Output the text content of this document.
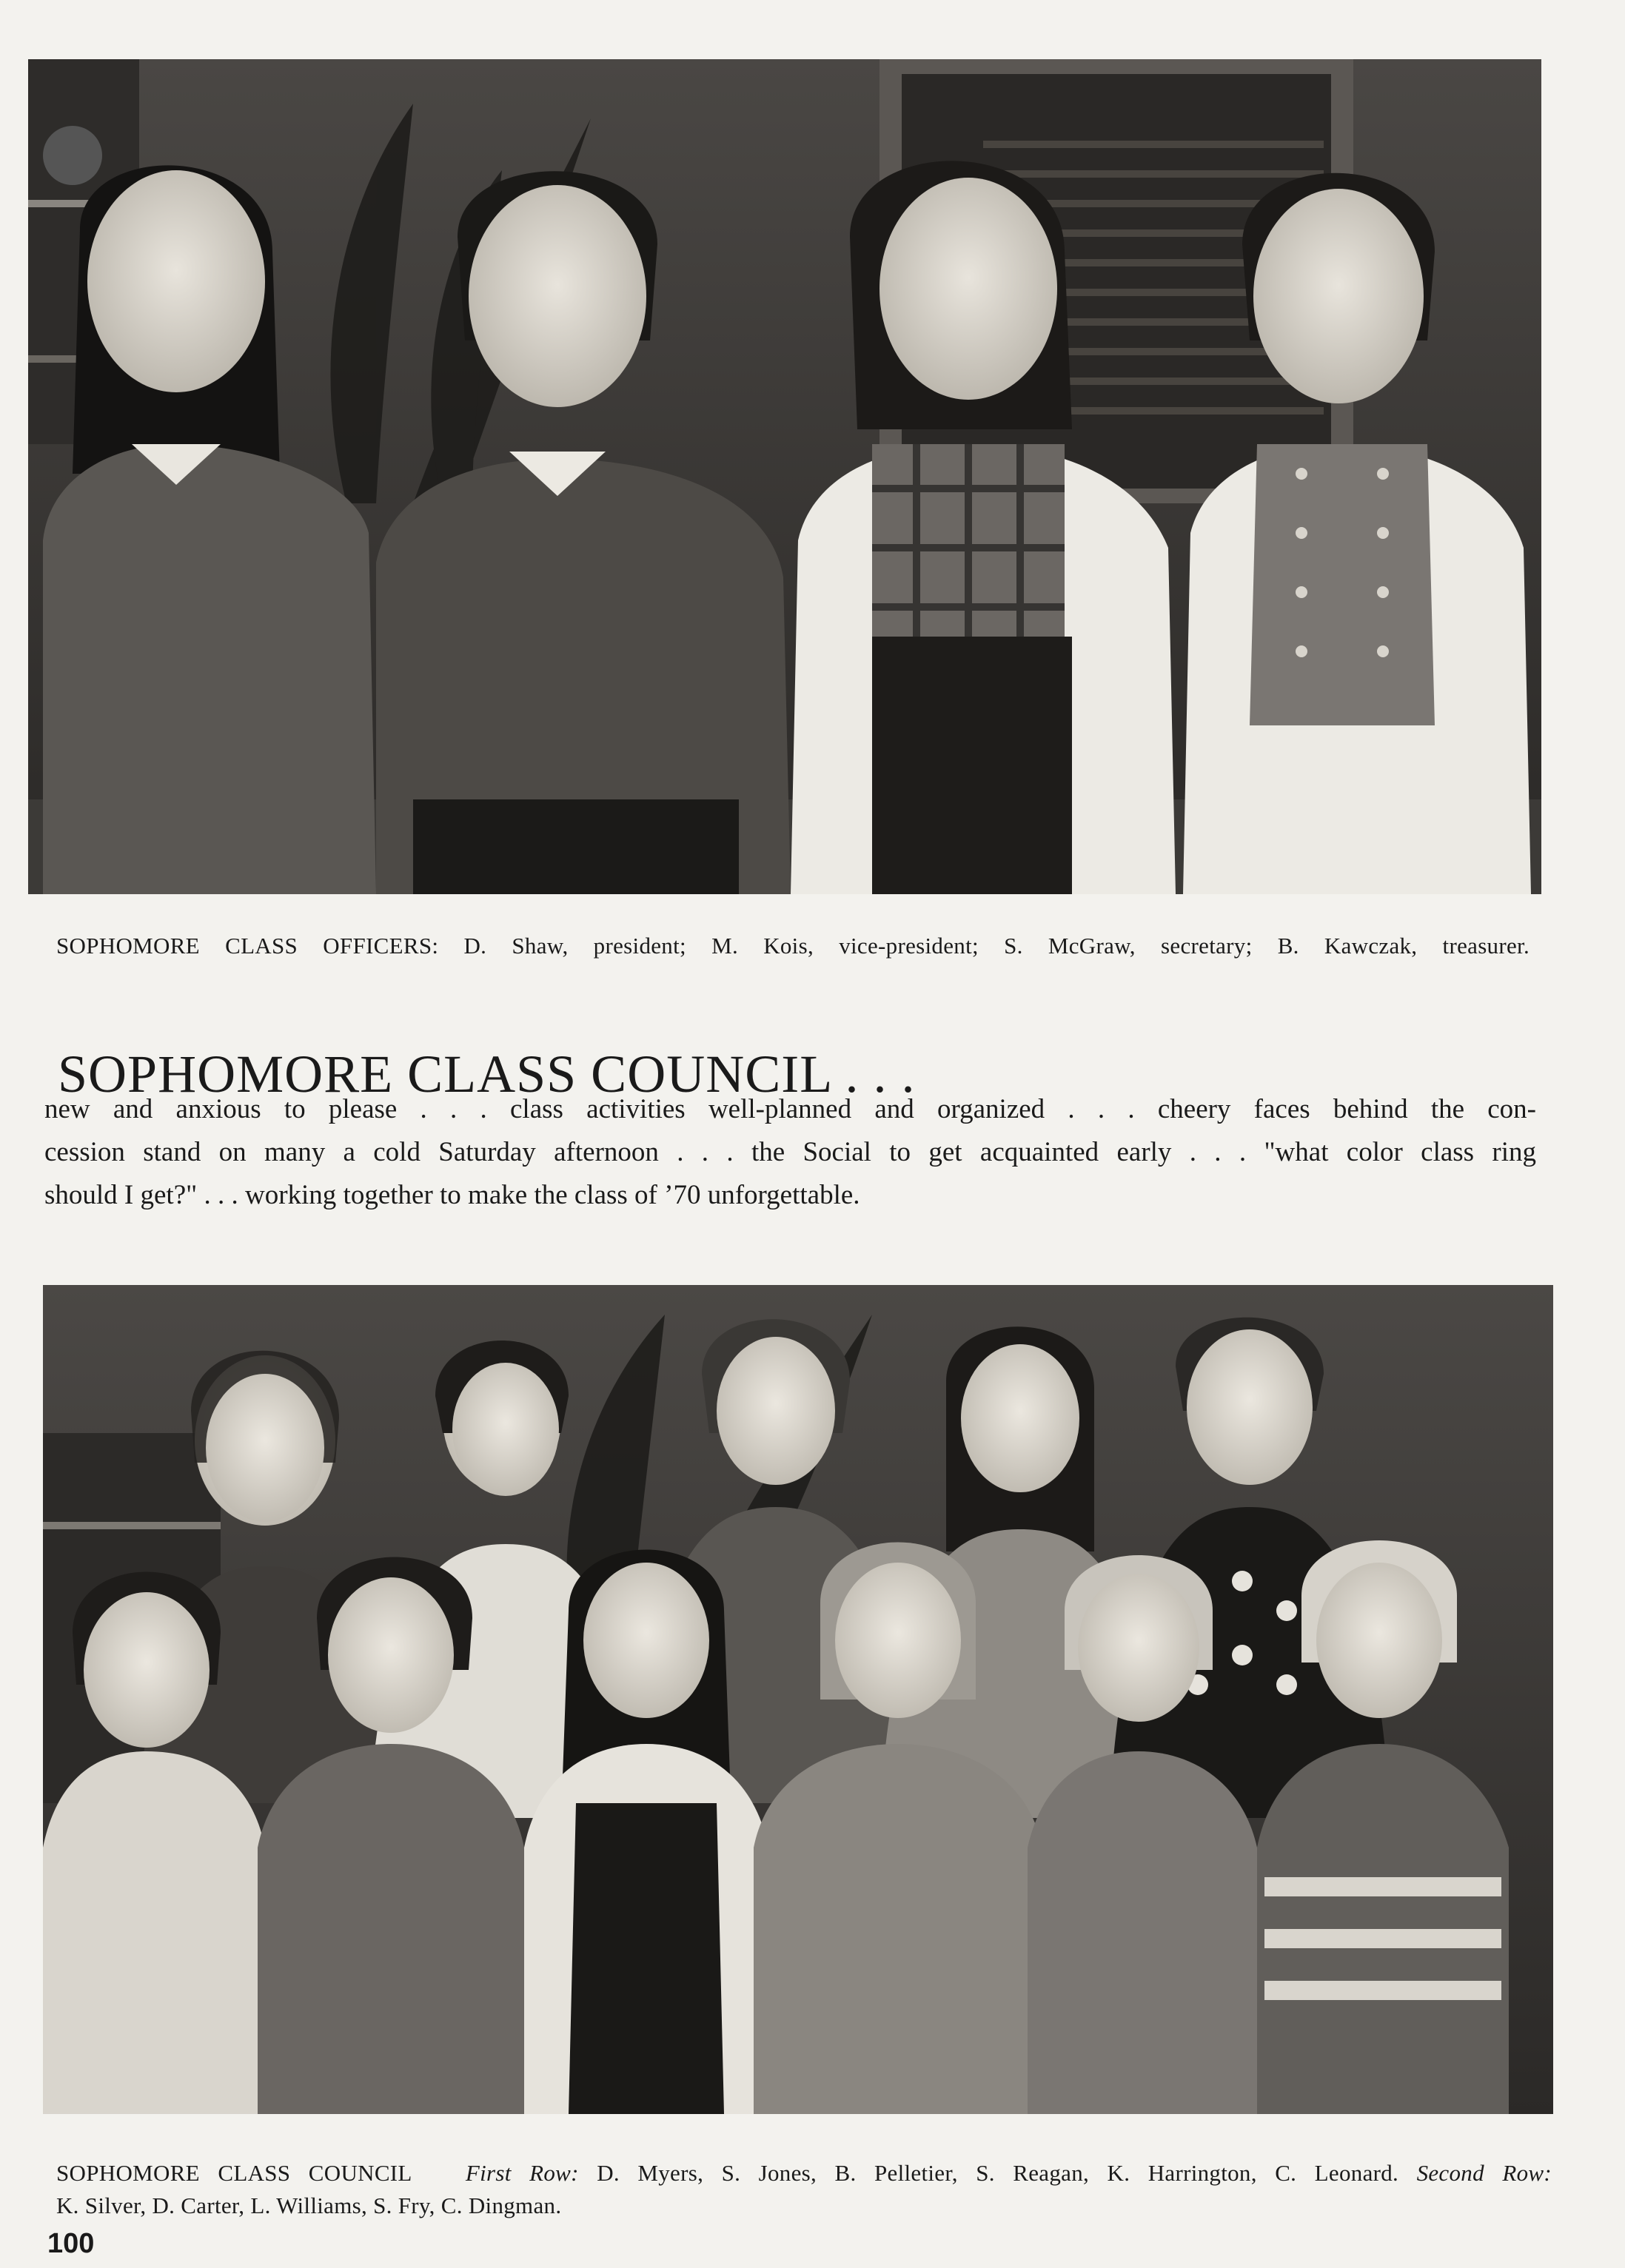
SOPHOMORE CLASS OFFICERS: D. Shaw, president; M. Kois, vice-president; S. McGraw, secretary; B. Kawczak, treasurer.
SOPHOMORE CLASS COUNCIL . . .
new and anxious to please . . . class activities well-planned and organized . . . cheery faces behind the con-
cession stand on many a cold Saturday afternoon . . . the Social to get acquainted early . . . "what color class ring
should I get?" . . . working together to make the class of ’70 unforgettable.
SOPHOMORE CLASS COUNCIL First Row: D. Myers, S. Jones, B. Pelletier, S. Reagan, K. Harrington, C. Leonard. Second Row:
K. Silver, D. Carter, L. Williams, S. Fry, C. Dingman.
100
